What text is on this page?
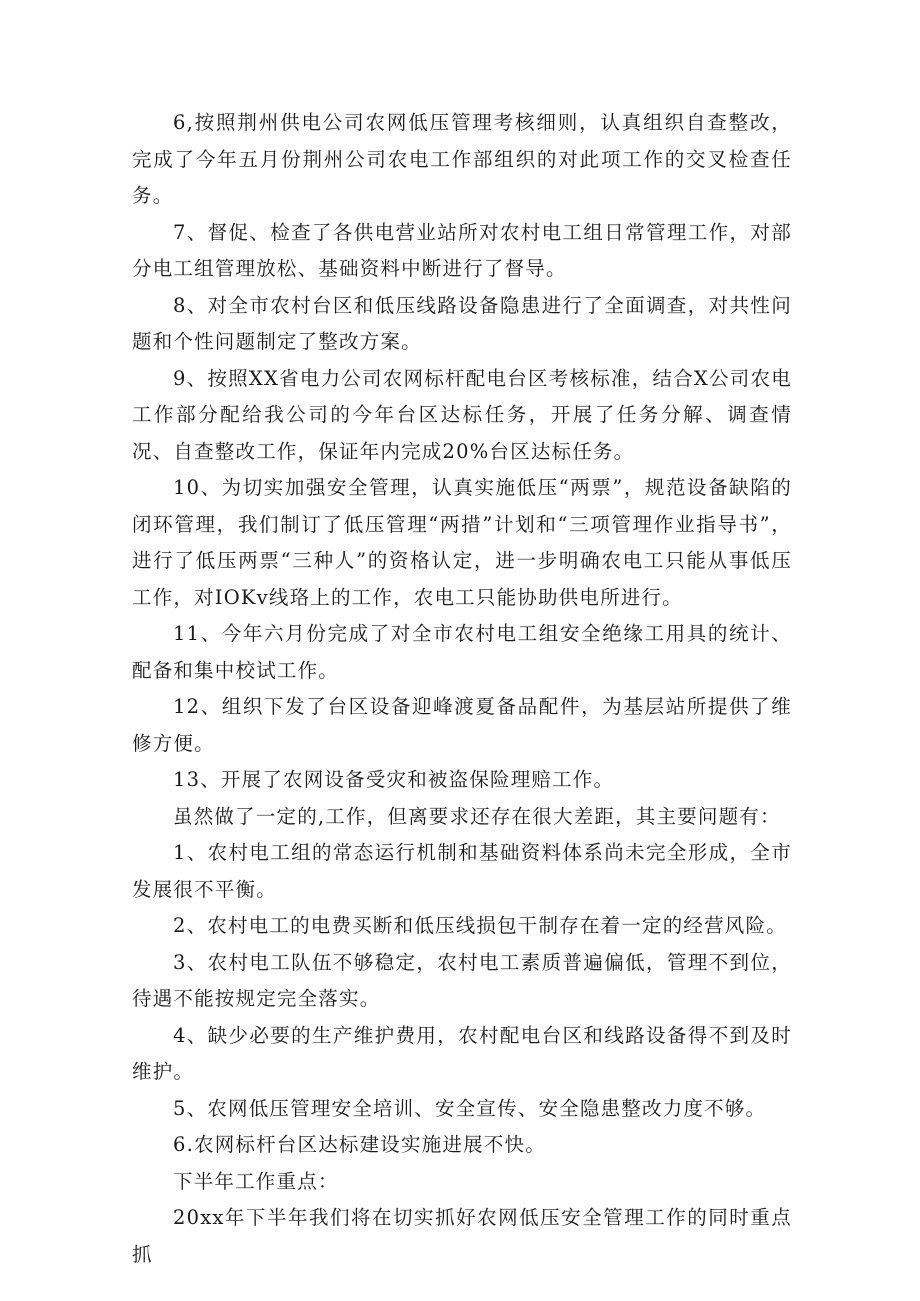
6,按照荆州供电公司农网低压管理考核细则，认真组织自查整改，完成了今年五月份荆州公司农电工作部组织的对此项工作的交叉检查任务。

7、督促、检查了各供电营业站所对农村电工组日常管理工作，对部分电工组管理放松、基础资料中断进行了督导。

8、对全市农村台区和低压线路设备隐患进行了全面调查，对共性问题和个性问题制定了整改方案。

9、按照XX省电力公司农网标杆配电台区考核标准，结合X公司农电工作部分配给我公司的今年台区达标任务，开展了任务分解、调查情况、自查整改工作，保证年内完成20%台区达标任务。

10、为切实加强安全管理，认真实施低压“两票”，规范设备缺陷的闭环管理，我们制订了低压管理“两措”计划和“三项管理作业指导书”，进行了低压两票“三种人”的资格认定，进一步明确农电工只能从事低压工作，对IOKv线珞上的工作，农电工只能协助供电所进行。

11、今年六月份完成了对全市农村电工组安全绝缘工用具的统计、配备和集中校试工作。

12、组织下发了台区设备迎峰渡夏备品配件，为基层站所提供了维修方便。

13、开展了农网设备受灾和被盗保险理赔工作。

虽然做了一定的,工作，但离要求还存在很大差距，其主要问题有：

1、农村电工组的常态运行机制和基础资料体系尚未完全形成，全市发展很不平衡。

2、农村电工的电费买断和低压线损包干制存在着一定的经营风险。

3、农村电工队伍不够稳定，农村电工素质普遍偏低，管理不到位，待遇不能按规定完全落实。

4、缺少必要的生产维护费用，农村配电台区和线路设备得不到及时维护。

5、农网低压管理安全培训、安全宣传、安全隐患整改力度不够。

6.农网标杆台区达标建设实施进展不快。

下半年工作重点：

20xx年下半年我们将在切实抓好农网低压安全管理工作的同时重点抓
